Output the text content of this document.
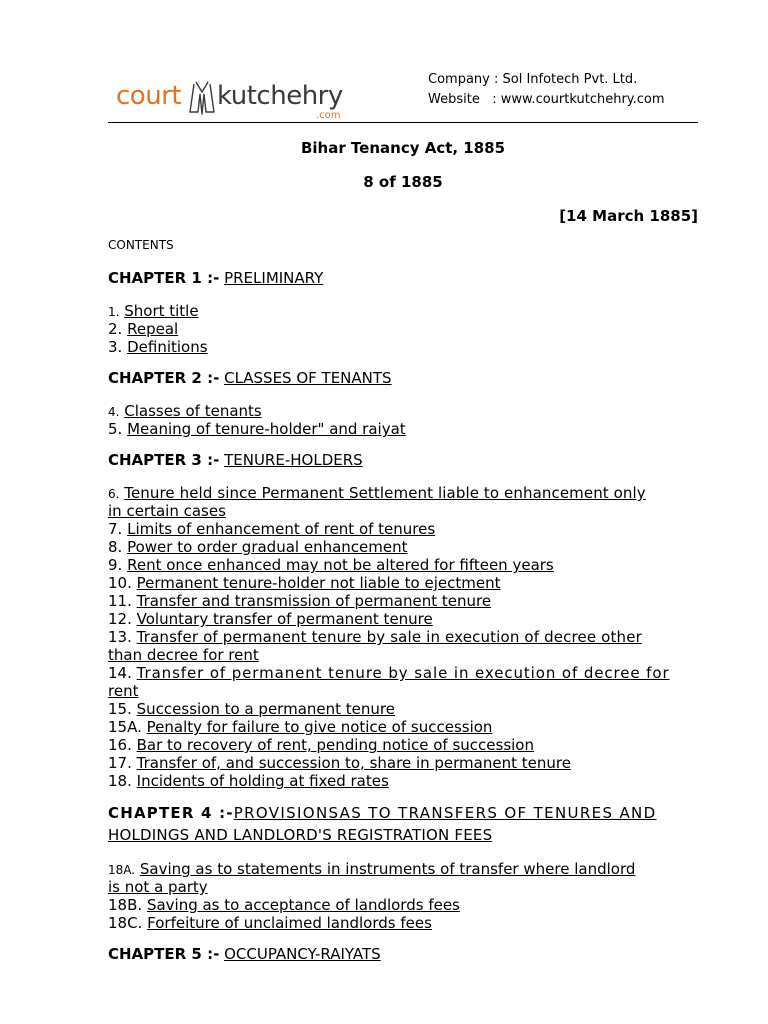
court kutchehry
.com
Company : Sol Infotech Pvt. Ltd.
Website   : www.courtkutchehry.com
Bihar Tenancy Act, 1885
8 of 1885
[14 March 1885]
CONTENTS
CHAPTER 1 :- PRELIMINARY
1. Short title
2. Repeal
3. Definitions
CHAPTER 2 :- CLASSES OF TENANTS
4. Classes of tenants
5. Meaning of tenure-holder" and raiyat
CHAPTER 3 :- TENURE-HOLDERS
6. Tenure held since Permanent Settlement liable to enhancement only
in certain cases
7. Limits of enhancement of rent of tenures
8. Power to order gradual enhancement
9. Rent once enhanced may not be altered for fifteen years
10. Permanent tenure-holder not liable to ejectment
11. Transfer and transmission of permanent tenure
12. Voluntary transfer of permanent tenure
13. Transfer of permanent tenure by sale in execution of decree other
than decree for rent
14. Transfer of permanent tenure by sale in execution of decree for
rent
15. Succession to a permanent tenure
15A. Penalty for failure to give notice of succession
16. Bar to recovery of rent, pending notice of succession
17. Transfer of, and succession to, share in permanent tenure
18. Incidents of holding at fixed rates
CHAPTER 4 :-PROVISIONSAS TO TRANSFERS OF TENURES AND
HOLDINGS AND LANDLORD'S REGISTRATION FEES
18A. Saving as to statements in instruments of transfer where landlord
is not a party
18B. Saving as to acceptance of landlords fees
18C. Forfeiture of unclaimed landlords fees
CHAPTER 5 :- OCCUPANCY-RAIYATS
